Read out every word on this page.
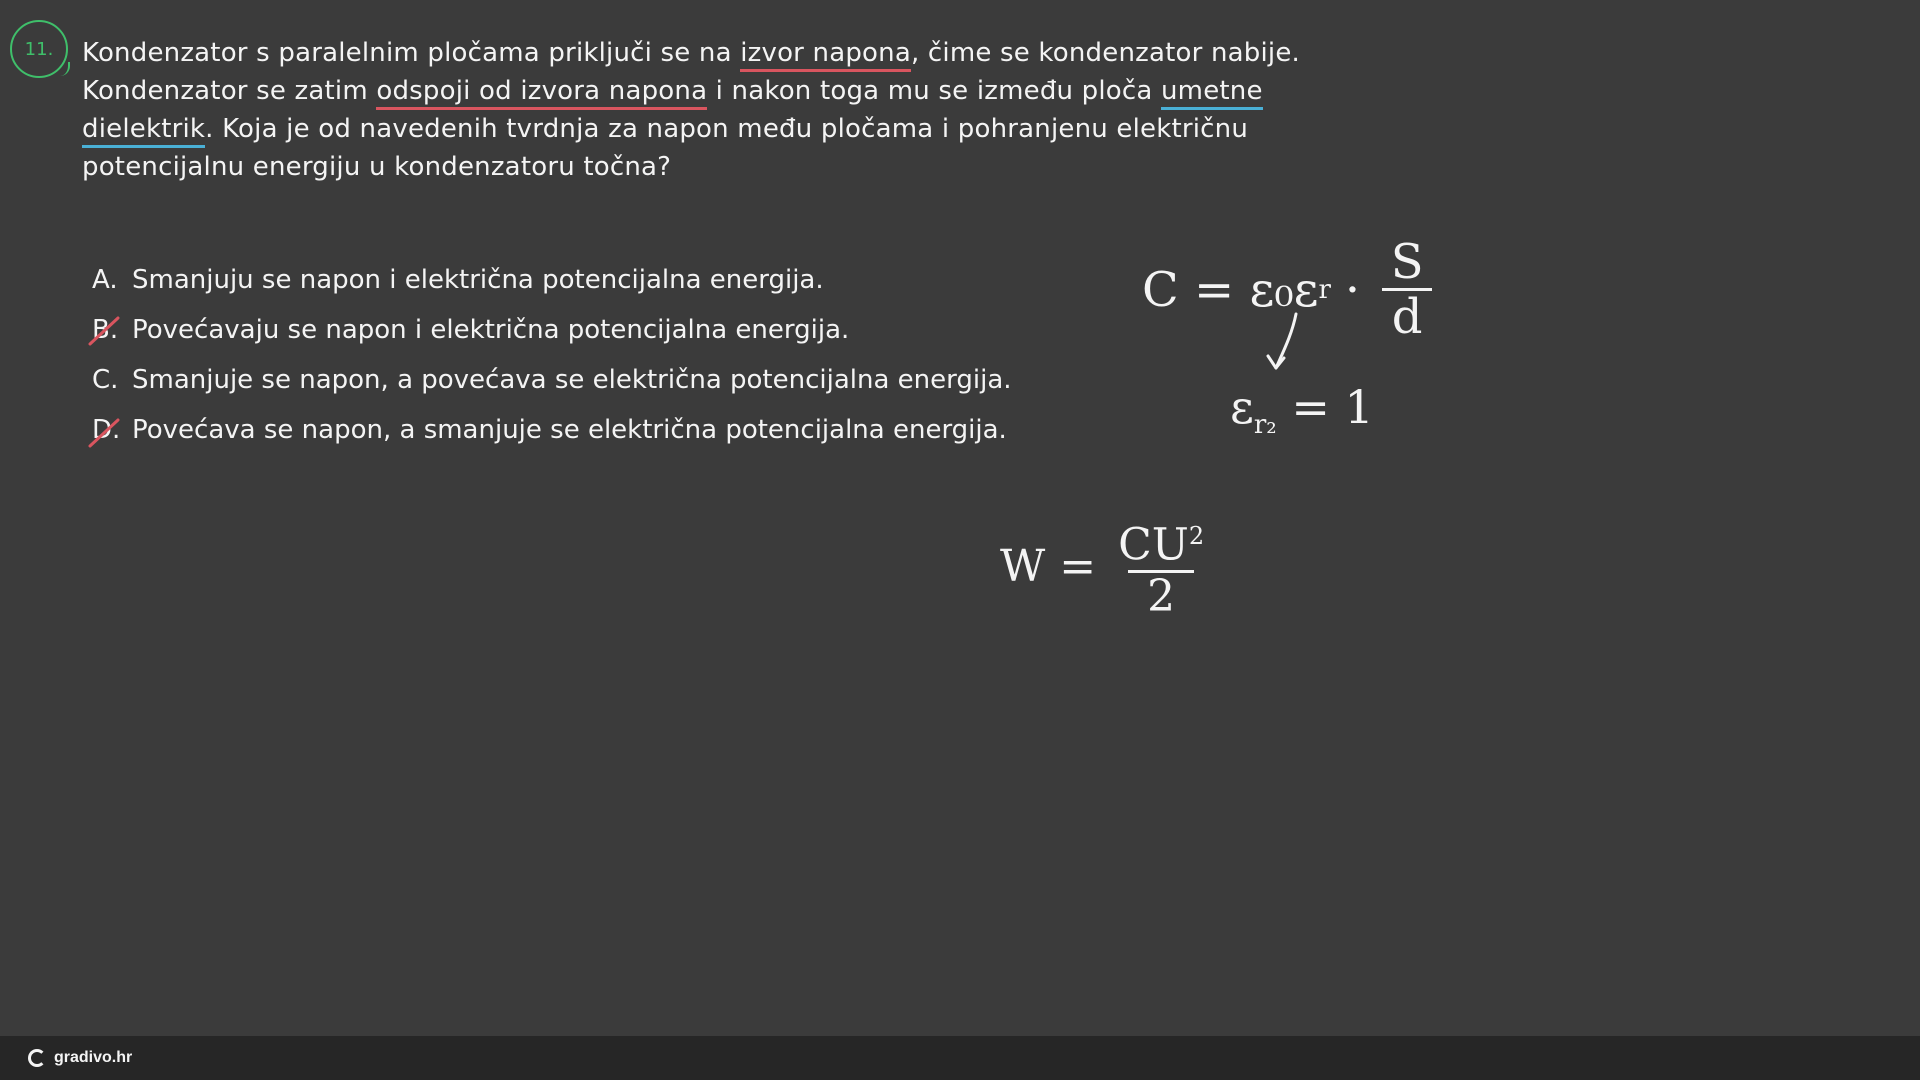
11. Kondenzator s paralelnim pločama priključi se na izvor napona, čime se kondenzator nabije. Kondenzator se zatim odspoji od izvora napona i nakon toga mu se između ploča umetne dielektrik. Koja je od navedenih tvrdnja za napon među pločama i pohranjenu električnu potencijalnu energiju u kondenzatoru točna?
A. Smanjuju se napon i električna potencijalna energija.
B. Povećavaju se napon i električna potencijalna energija.
C. Smanjuje se napon, a povećava se električna potencijalna energija.
D. Povećava se napon, a smanjuje se električna potencijalna energija.
C = ε₀ε $r \cdot \frac{S}{d}$
$\varepsilon_{r_2} = 1$
$W = \frac{CU^2}{2}$
gradivo.hr
